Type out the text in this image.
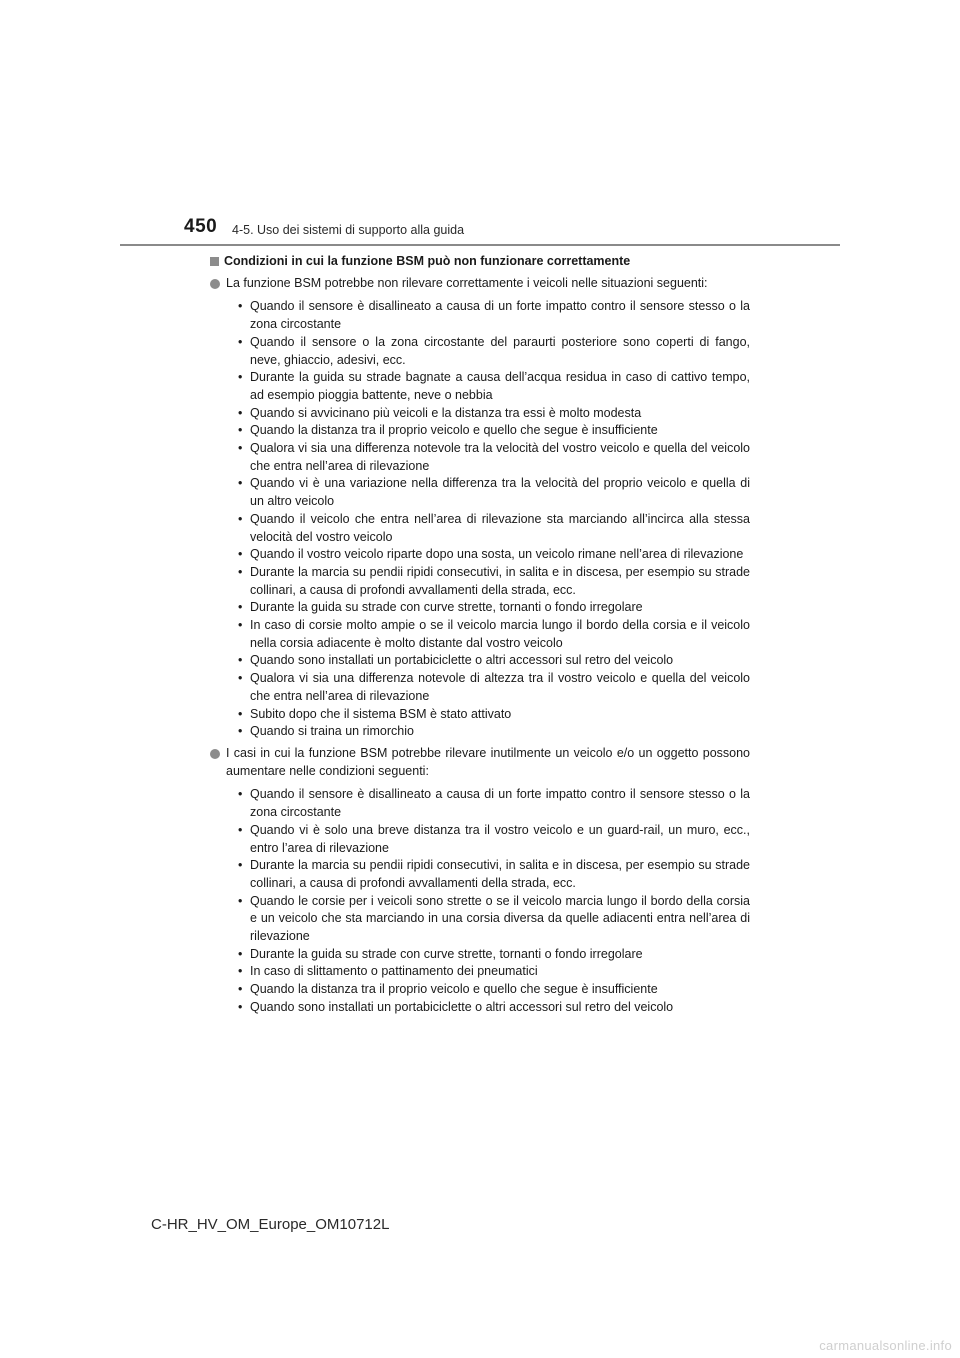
450 4-5. Uso dei sistemi di supporto alla guida
Condizioni in cui la funzione BSM può non funzionare correttamente
La funzione BSM potrebbe non rilevare correttamente i veicoli nelle situazioni seguenti:
• Quando il sensore è disallineato a causa di un forte impatto contro il sensore stesso o la zona circostante
• Quando il sensore o la zona circostante del paraurti posteriore sono coperti di fango, neve, ghiaccio, adesivi, ecc.
• Durante la guida su strade bagnate a causa dell’acqua residua in caso di cattivo tempo, ad esempio pioggia battente, neve o nebbia
• Quando si avvicinano più veicoli e la distanza tra essi è molto modesta
• Quando la distanza tra il proprio veicolo e quello che segue è insufficiente
• Qualora vi sia una differenza notevole tra la velocità del vostro veicolo e quella del veicolo che entra nell’area di rilevazione
• Quando vi è una variazione nella differenza tra la velocità del proprio veicolo e quella di un altro veicolo
• Quando il veicolo che entra nell’area di rilevazione sta marciando all’incirca alla stessa velocità del vostro veicolo
• Quando il vostro veicolo riparte dopo una sosta, un veicolo rimane nell’area di rilevazione
• Durante la marcia su pendii ripidi consecutivi, in salita e in discesa, per esempio su strade collinari, a causa di profondi avvallamenti della strada, ecc.
• Durante la guida su strade con curve strette, tornanti o fondo irregolare
• In caso di corsie molto ampie o se il veicolo marcia lungo il bordo della corsia e il veicolo nella corsia adiacente è molto distante dal vostro veicolo
• Quando sono installati un portabiciclette o altri accessori sul retro del veicolo
• Qualora vi sia una differenza notevole di altezza tra il vostro veicolo e quella del veicolo che entra nell’area di rilevazione
• Subito dopo che il sistema BSM è stato attivato
• Quando si traina un rimorchio
I casi in cui la funzione BSM potrebbe rilevare inutilmente un veicolo e/o un oggetto possono aumentare nelle condizioni seguenti:
• Quando il sensore è disallineato a causa di un forte impatto contro il sensore stesso o la zona circostante
• Quando vi è solo una breve distanza tra il vostro veicolo e un guard-rail, un muro, ecc., entro l’area di rilevazione
• Durante la marcia su pendii ripidi consecutivi, in salita e in discesa, per esempio su strade collinari, a causa di profondi avvallamenti della strada, ecc.
• Quando le corsie per i veicoli sono strette o se il veicolo marcia lungo il bordo della corsia e un veicolo che sta marciando in una corsia diversa da quelle adiacenti entra nell’area di rilevazione
• Durante la guida su strade con curve strette, tornanti o fondo irregolare
• In caso di slittamento o pattinamento dei pneumatici
• Quando la distanza tra il proprio veicolo e quello che segue è insufficiente
• Quando sono installati un portabiciclette o altri accessori sul retro del veicolo
C-HR_HV_OM_Europe_OM10712L
carmanualsonline.info
